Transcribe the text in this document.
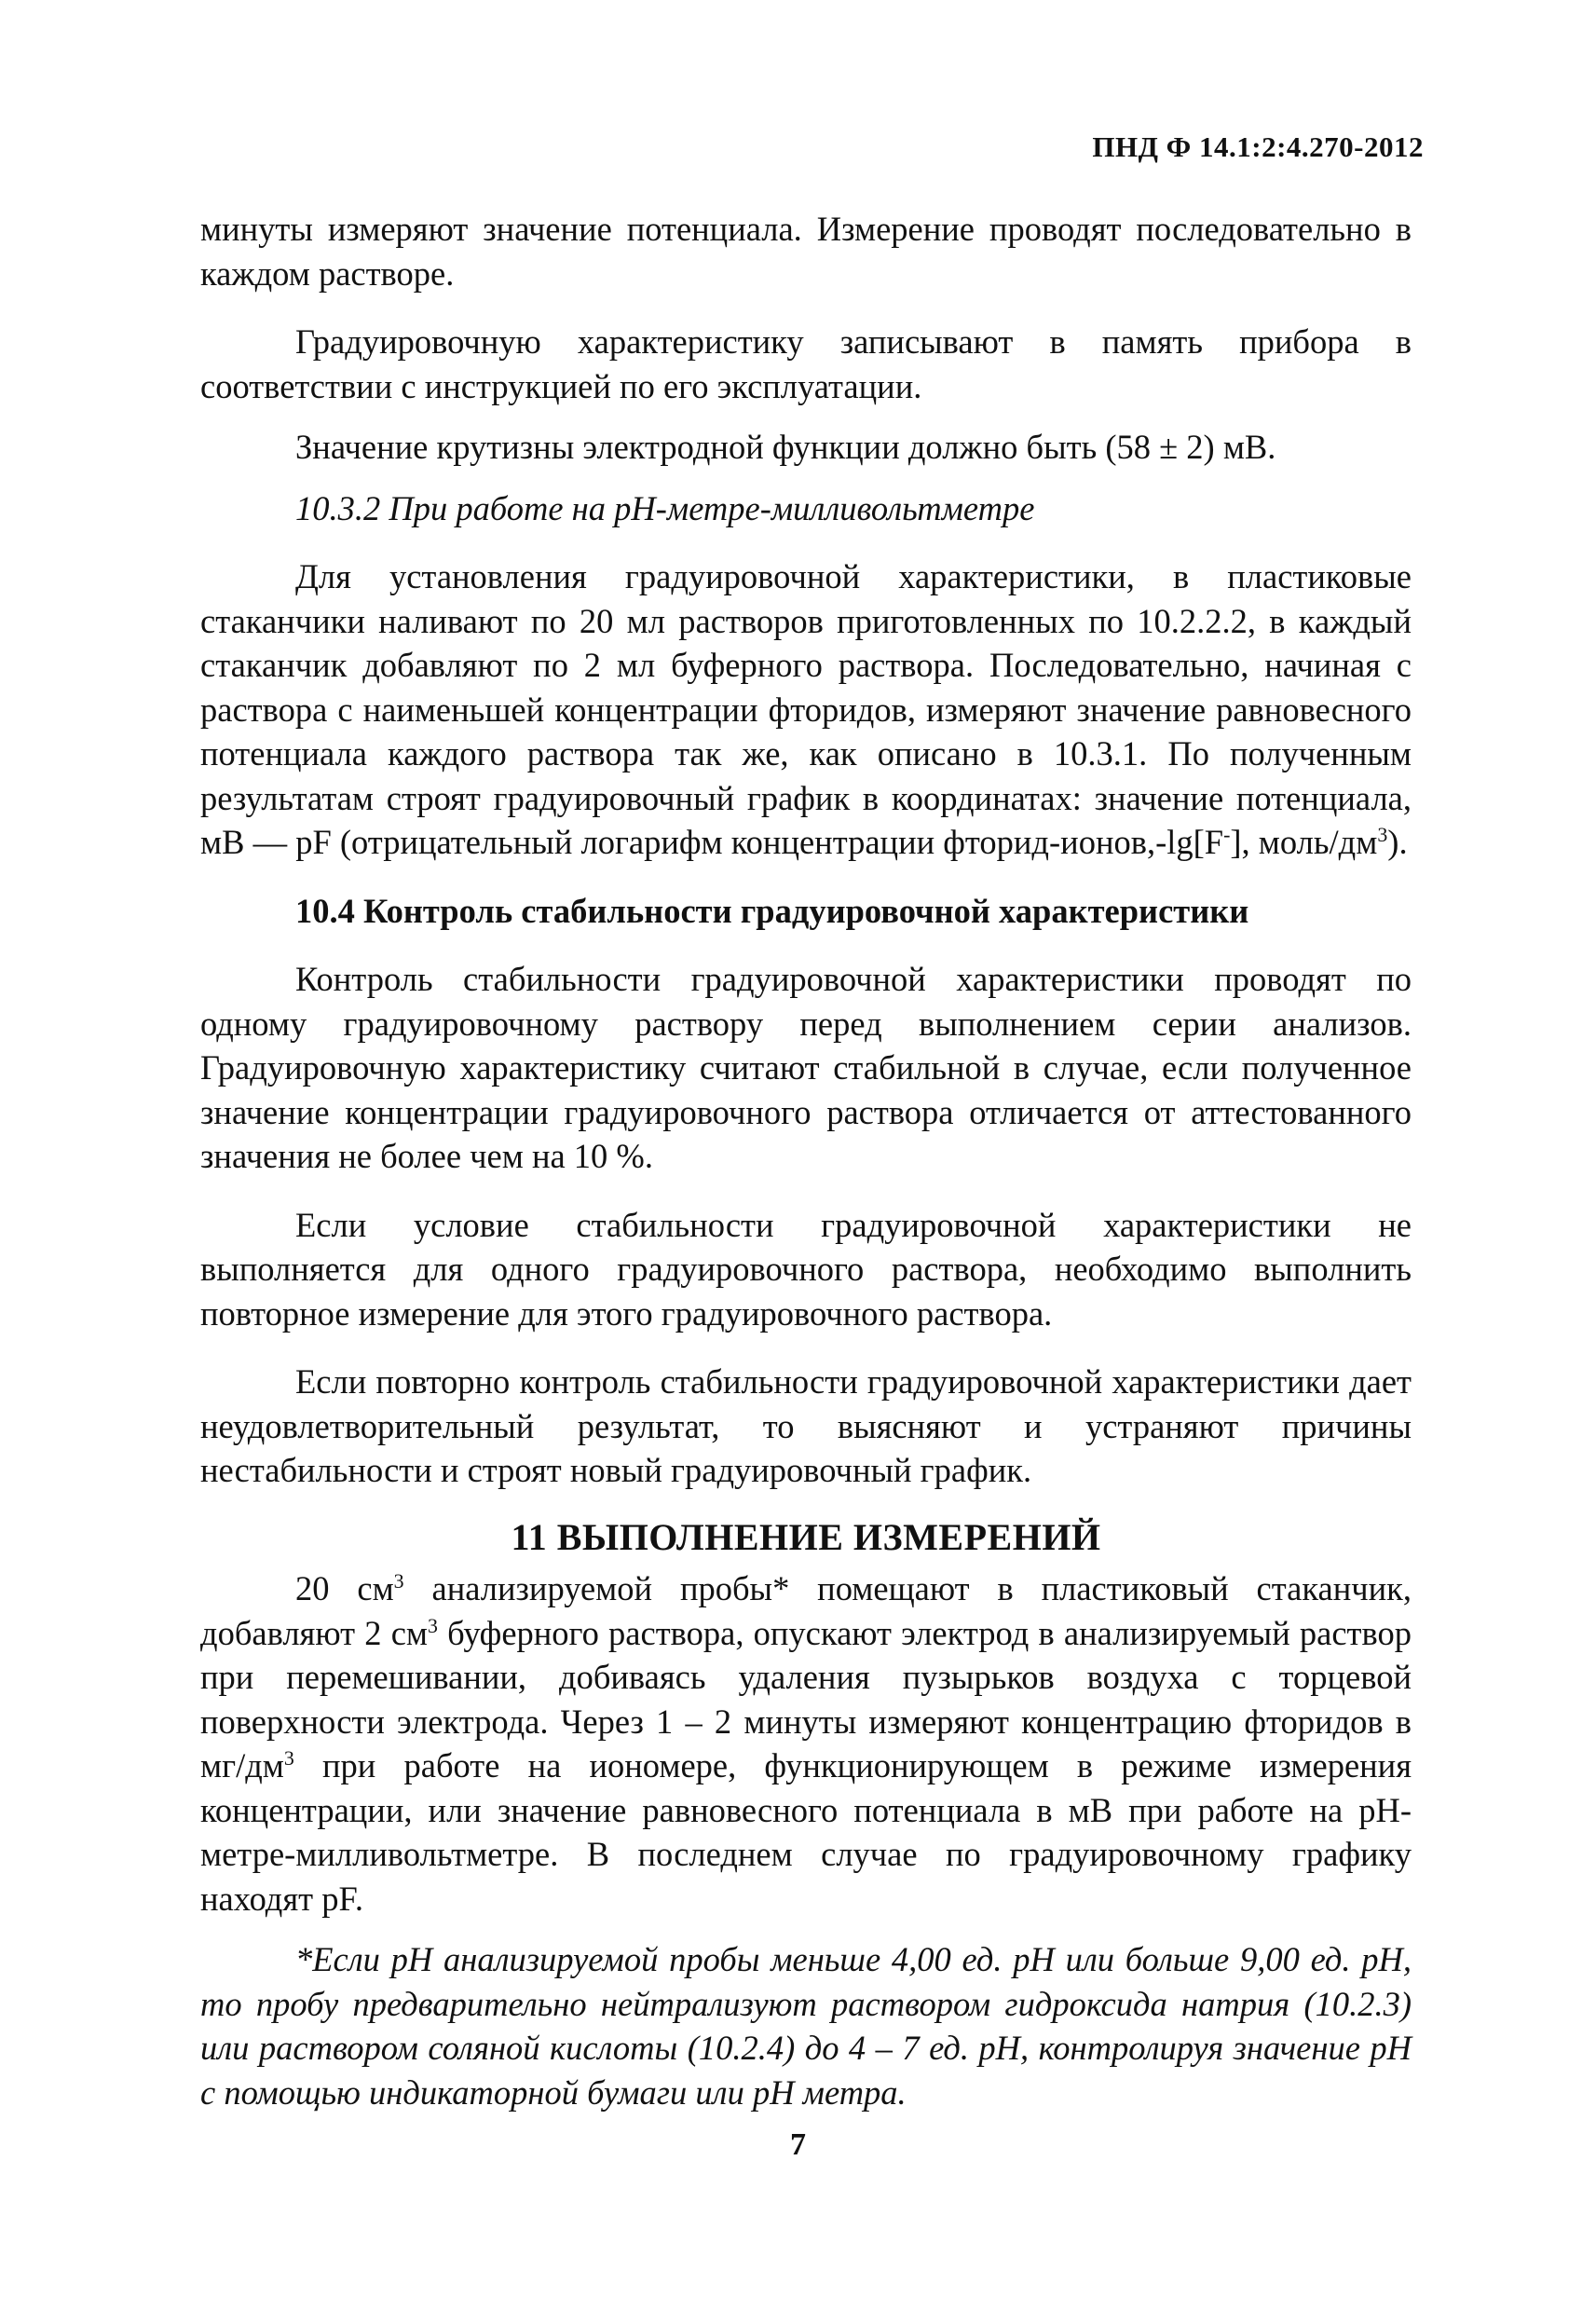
ПНД Ф 14.1:2:4.270-2012

минуты измеряют значение потенциала. Измерение проводят последовательно в каждом растворе.

Градуировочную характеристику записывают в память прибора в соответствии с инструкцией по его эксплуатации.

Значение крутизны электродной функции должно быть (58 ± 2) мВ.

10.3.2 При работе на pH-метре-милливольтметре

Для установления градуировочной характеристики, в пластиковые стаканчики наливают по 20 мл растворов приготовленных по 10.2.2.2, в каждый стаканчик добавляют по 2 мл буферного раствора. Последовательно, начиная с раствора с наименьшей концентрации фторидов, измеряют значение равновесного потенциала каждого раствора так же, как описано в 10.3.1. По полученным результатам строят градуировочный график в координатах: значение потенциала, мВ — pF (отрицательный логарифм концентрации фторид-ионов,-lg[F-], моль/$дм^3$).

10.4 Контроль стабильности градуировочной характеристики

Контроль стабильности градуировочной характеристики проводят по одному градуировочному раствору перед выполнением серии анализов. Градуировочную характеристику считают стабильной в случае, если полученное значение концентрации градуировочного раствора отличается от аттестованного значения не более чем на 10 %.

Если условие стабильности градуировочной характеристики не выполняется для одного градуировочного раствора, необходимо выполнить повторное измерение для этого градуировочного раствора.

Если повторно контроль стабильности градуировочной характеристики дает неудовлетворительный результат, то выясняют и устраняют причины нестабильности и строят новый градуировочный график.

11 ВЫПОЛНЕНИЕ ИЗМЕРЕНИЙ

20 $см^3$ анализируемой пробы* помещают в пластиковый стаканчик, добавляют 2 $см^3$ буферного раствора, опускают электрод в анализируемый раствор при перемешивании, добиваясь удаления пузырьков воздуха с торцевой поверхности электрода. Через 1 – 2 минуты измеряют концентрацию фторидов в $мг/дм^3$ при работе на иономере, функционирующем в режиме измерения концентрации, или значение равновесного потенциала в мВ при работе на pH-метре-милливольтметре. В последнем случае по градуировочному графику находят pF.

*Если pH анализируемой пробы меньше 4,00 ед. pH или больше 9,00 ед. pH, то пробу предварительно нейтрализуют раствором гидроксида натрия (10.2.3) или раствором соляной кислоты (10.2.4) до 4 – 7 ед. pH, контролируя значение pH с помощью индикаторной бумаги или pH метра.

7
